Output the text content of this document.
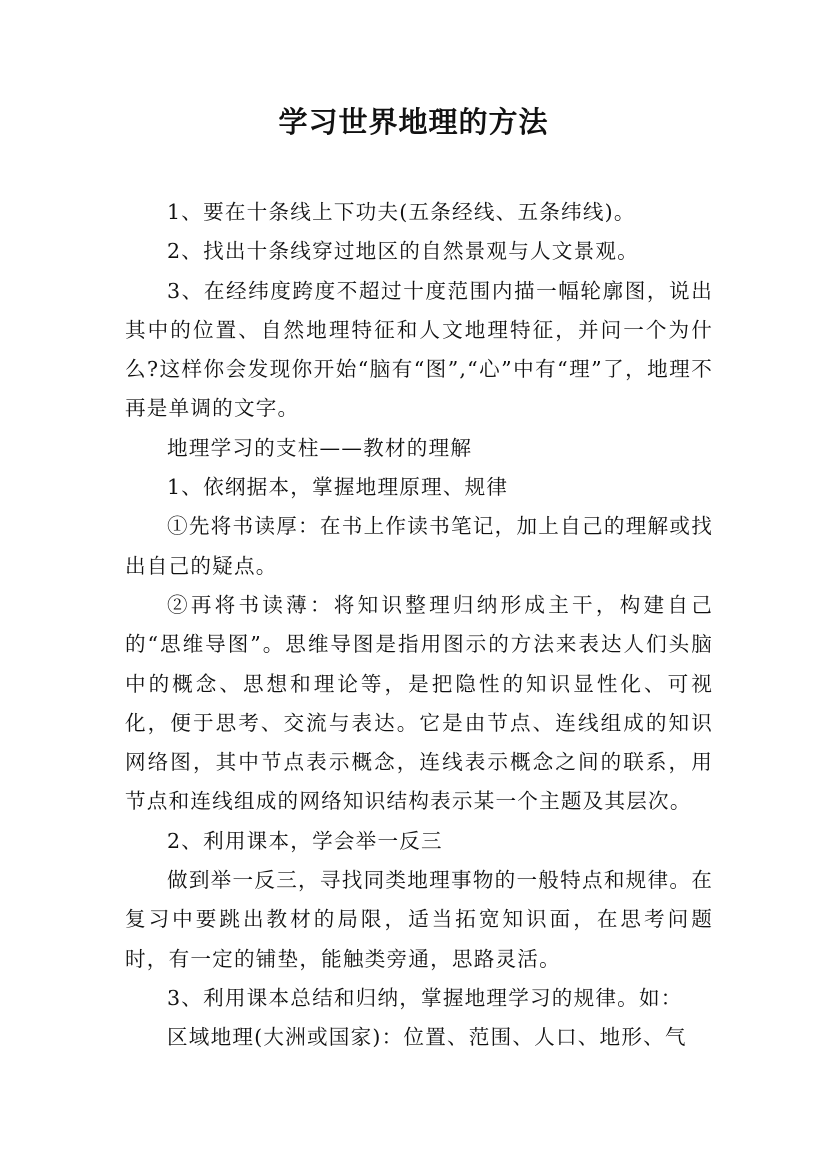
学习世界地理的方法

1、要在十条线上下功夫(五条经线、五条纬线)。

2、找出十条线穿过地区的自然景观与人文景观。

3、在经纬度跨度不超过十度范围内描一幅轮廓图，说出其中的位置、自然地理特征和人文地理特征，并问一个为什么?这样你会发现你开始“脑有“图”,“心”中有“理”了，地理不再是单调的文字。

地理学习的支柱——教材的理解

1、依纲据本，掌握地理原理、规律

①先将书读厚：在书上作读书笔记，加上自己的理解或找出自己的疑点。

②再将书读薄：将知识整理归纳形成主干，构建自己的“思维导图”。思维导图是指用图示的方法来表达人们头脑中的概念、思想和理论等，是把隐性的知识显性化、可视化，便于思考、交流与表达。它是由节点、连线组成的知识网络图，其中节点表示概念，连线表示概念之间的联系，用节点和连线组成的网络知识结构表示某一个主题及其层次。

2、利用课本，学会举一反三

做到举一反三，寻找同类地理事物的一般特点和规律。在复习中要跳出教材的局限，适当拓宽知识面，在思考问题时，有一定的铺垫，能触类旁通，思路灵活。

3、利用课本总结和归纳，掌握地理学习的规律。如：

区域地理(大洲或国家)：位置、范围、人口、地形、气
